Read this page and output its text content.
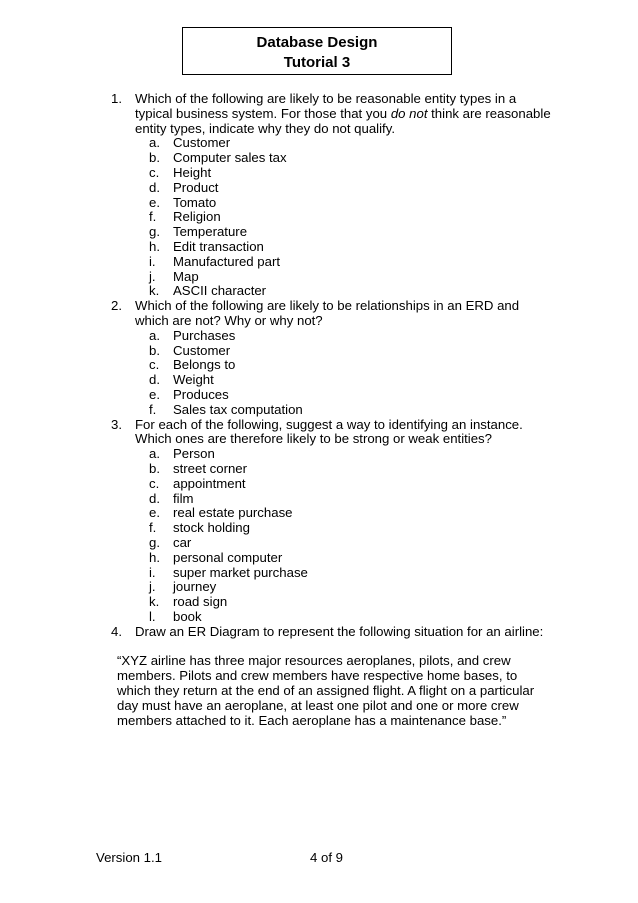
Database Design
Tutorial 3
1. Which of the following are likely to be reasonable entity types in a
typical business system. For those that you do not think are reasonable
entity types, indicate why they do not qualify.
a. Customer
b. Computer sales tax
c. Height
d. Product
e. Tomato
f. Religion
g. Temperature
h. Edit transaction
i. Manufactured part
j. Map
k. ASCII character
2. Which of the following are likely to be relationships in an ERD and
which are not? Why or why not?
a. Purchases
b. Customer
c. Belongs to
d. Weight
e. Produces
f. Sales tax computation
3. For each of the following, suggest a way to identifying an instance.
Which ones are therefore likely to be strong or weak entities?
a. Person
b. street corner
c. appointment
d. film
e. real estate purchase
f. stock holding
g. car
h. personal computer
i. super market purchase
j. journey
k. road sign
l. book
4. Draw an ER Diagram to represent the following situation for an airline:
“XYZ airline has three major resources aeroplanes, pilots, and crew
members. Pilots and crew members have respective home bases, to
which they return at the end of an assigned flight. A flight on a particular
day must have an aeroplane, at least one pilot and one or more crew
members attached to it. Each aeroplane has a maintenance base.”
Version 1.1	4 of 9
